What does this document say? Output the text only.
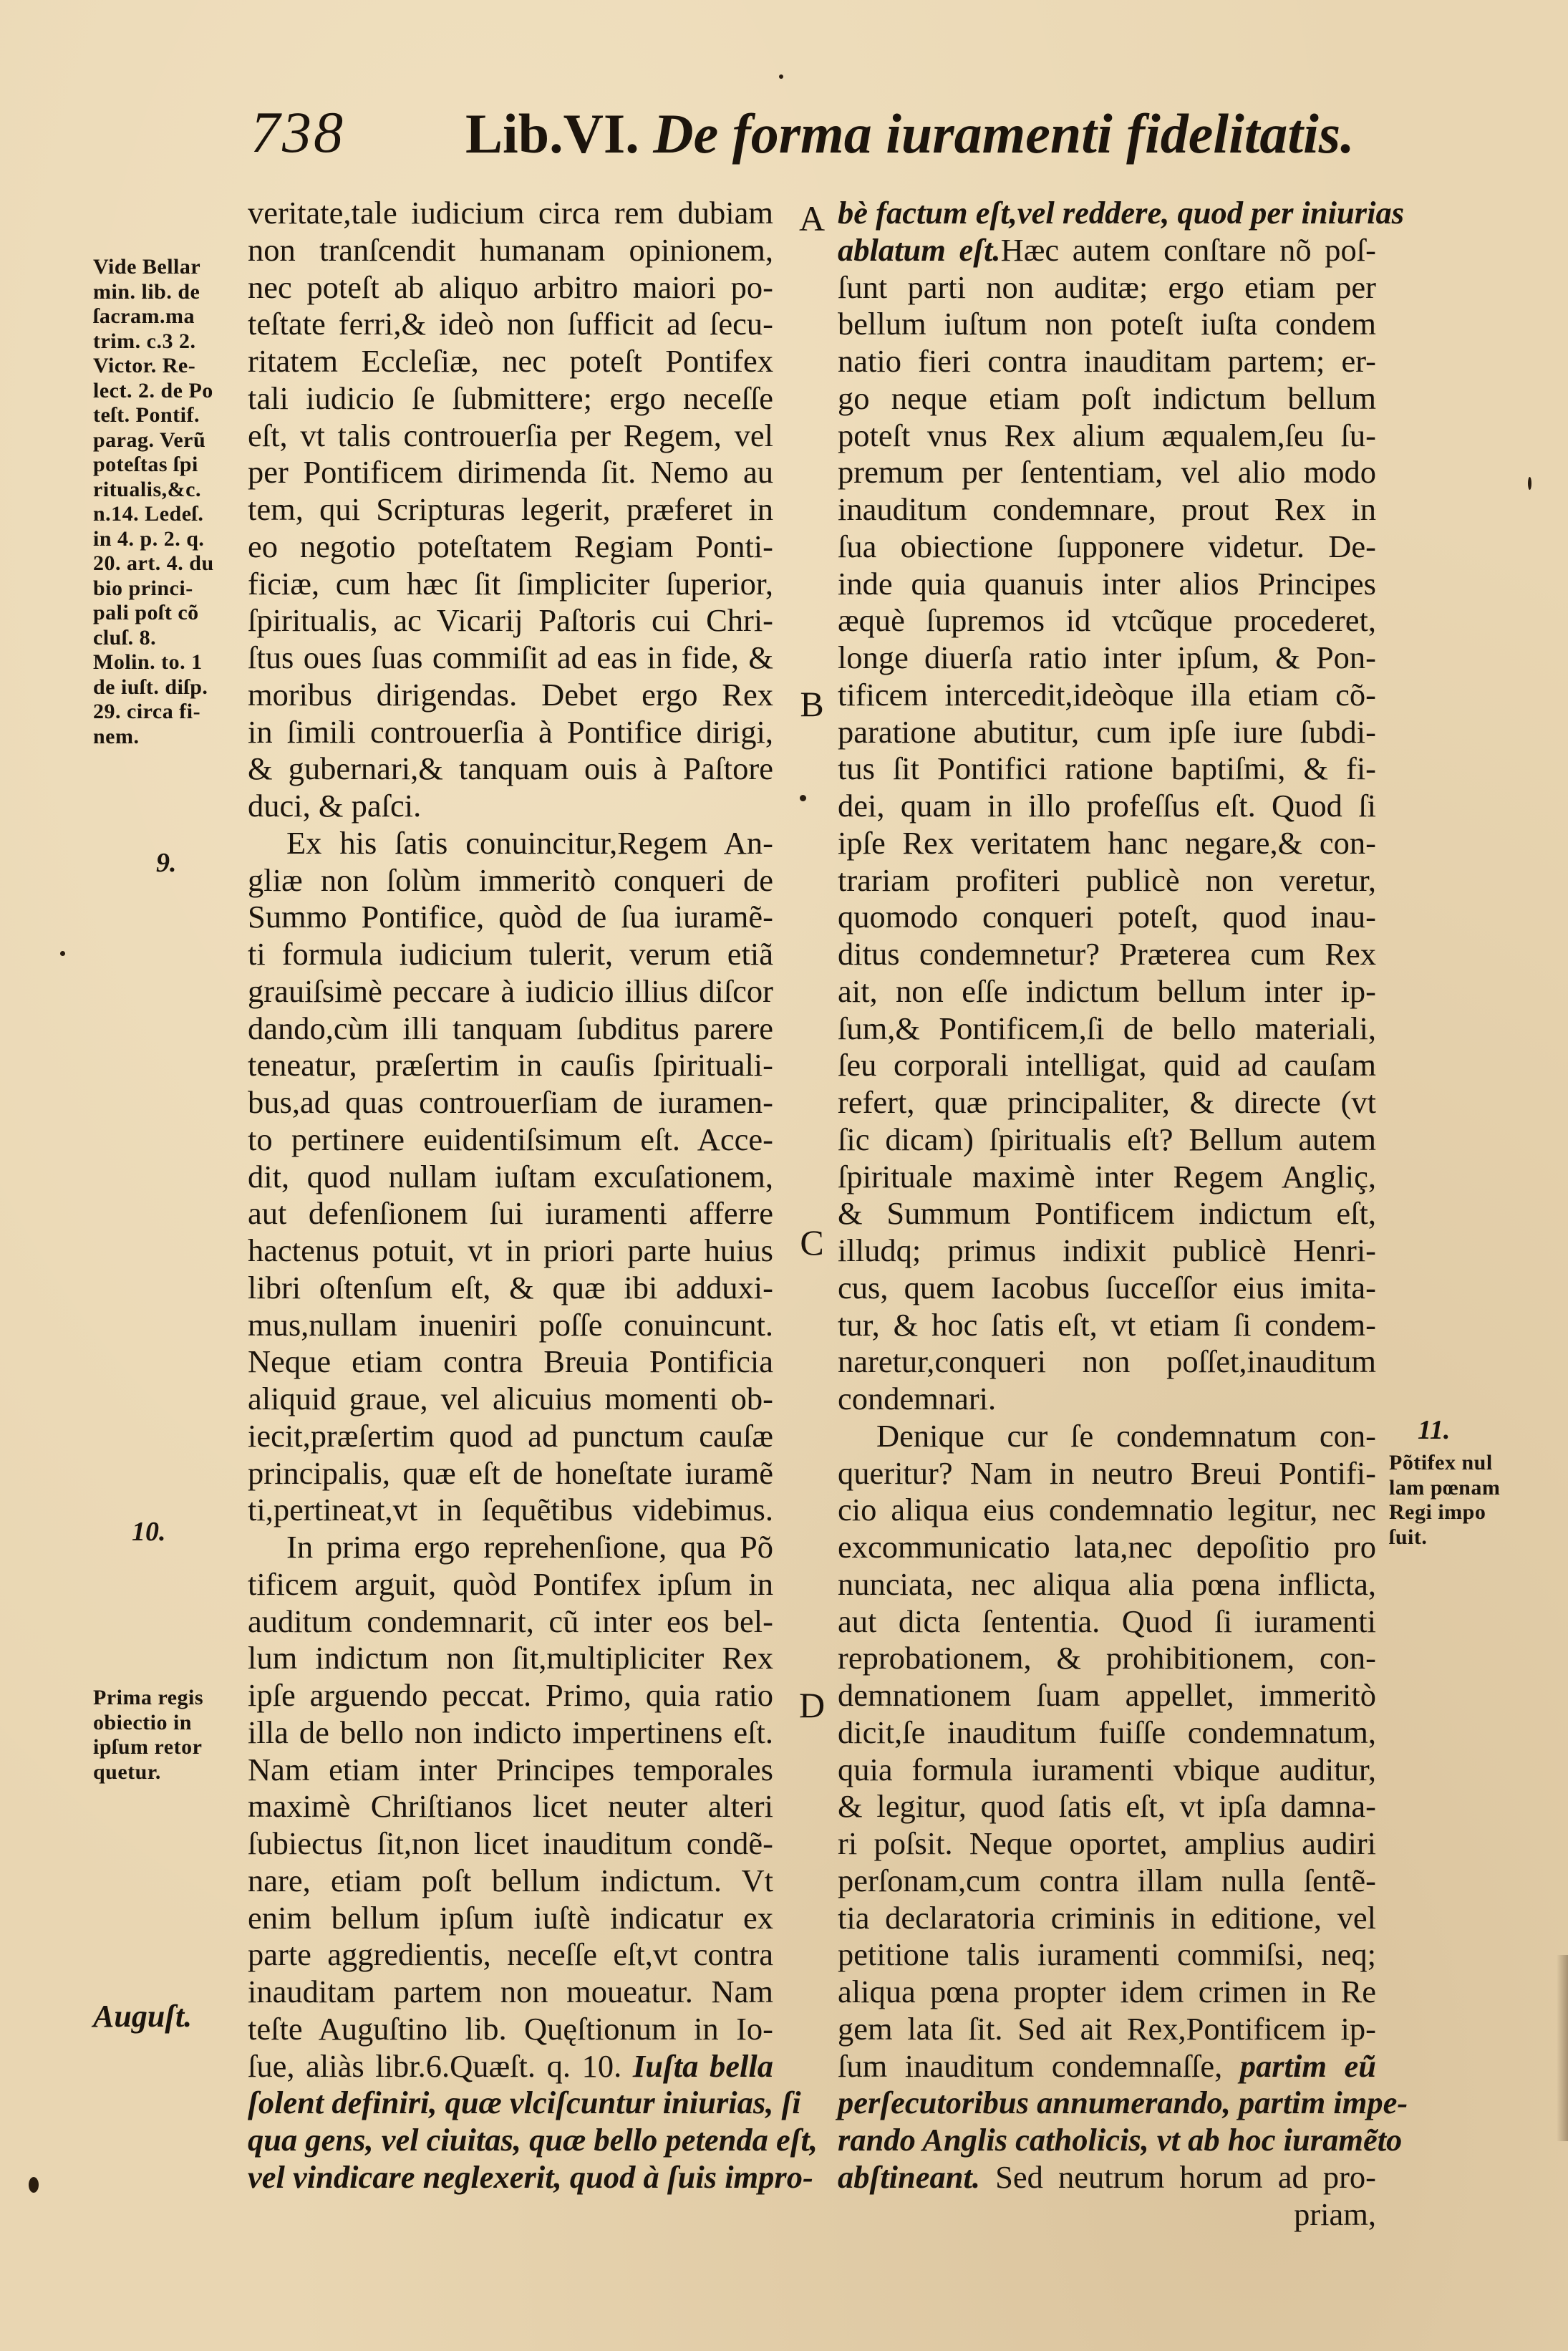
738 Lib.VI. De forma iuramenti fidelitatis.
Vide Bellar
min. lib. de
ſacram.ma
trim. c.3 2.
Victor. Re-
lect. 2. de Po
teſt. Pontif.
parag. Verũ
poteſtas ſpi
ritualis,&c.
n.14. Ledeſ.
in 4. p. 2. q.
20. art. 4. du
bio princi-
pali poſt cõ
cluſ. 8.
Molin. to. 1
de iuſt. diſp.
29. circa fi-
nem.
9.
10.
Prima regis
obiectio in
ipſum retor
quetur.
Auguſt.
A
B
C
D
11.
Põtifex nul
lam pœnam
Regi impo
ſuit.
veritate,tale iudicium circa rem dubiam
non tranſcendit humanam opinionem,
nec poteſt ab aliquo arbitro maiori po-
teſtate ferri,& ideò non ſufficit ad ſecu-
ritatem Eccleſiæ, nec poteſt Pontifex
tali iudicio ſe ſubmittere; ergo neceſſe
eſt, vt talis controuerſia per Regem, vel
per Pontificem dirimenda ſit. Nemo au
tem, qui Scripturas legerit, præferet in
eo negotio poteſtatem Regiam Ponti-
ficiæ, cum hæc ſit ſimpliciter ſuperior,
ſpiritualis, ac Vicarij Paſtoris cui Chri-
ſtus oues ſuas commiſit ad eas in fide, &
moribus dirigendas. Debet ergo Rex
in ſimili controuerſia à Pontifice dirigi,
& gubernari,& tanquam ouis à Paſtore
duci, & paſci.
Ex his ſatis conuincitur,Regem An-
gliæ non ſolùm immeritò conqueri de
Summo Pontifice, quòd de ſua iuramẽ-
ti formula iudicium tulerit, verum etiã
grauiſsimè peccare à iudicio illius diſcor
dando,cùm illi tanquam ſubditus parere
teneatur, præſertim in cauſis ſpirituali-
bus,ad quas controuerſiam de iuramen-
to pertinere euidentiſsimum eſt. Acce-
dit, quod nullam iuſtam excuſationem,
aut defenſionem ſui iuramenti afferre
hactenus potuit, vt in priori parte huius
libri oſtenſum eſt, & quæ ibi adduxi-
mus,nullam inueniri poſſe conuincunt.
Neque etiam contra Breuia Pontificia
aliquid graue, vel alicuius momenti ob-
iecit,præſertim quod ad punctum cauſæ
principalis, quæ eſt de honeſtate iuramẽ
ti,pertineat,vt in ſequẽtibus videbimus.
In prima ergo reprehenſione, qua Põ
tificem arguit, quòd Pontifex ipſum in
auditum condemnarit, cũ inter eos bel-
lum indictum non ſit,multipliciter Rex
ipſe arguendo peccat. Primo, quia ratio
illa de bello non indicto impertinens eſt.
Nam etiam inter Principes temporales
maximè Chriſtianos licet neuter alteri
ſubiectus ſit,non licet inauditum condẽ-
nare, etiam poſt bellum indictum. Vt
enim bellum ipſum iuſtè indicatur ex
parte aggredientis, neceſſe eſt,vt contra
inauditam partem non moueatur. Nam
teſte Auguſtino lib. Quęſtionum in Io-
ſue, aliàs libr.6.Quæſt. q. 10. Iuſta bella
ſolent definiri, quæ vlciſcuntur iniurias, ſi
qua gens, vel ciuitas, quæ bello petenda eſt,
vel vindicare neglexerit, quod à ſuis impro-
bè factum eſt,vel reddere, quod per iniurias
ablatum eſt.Hæc autem conſtare nõ poſ-
ſunt parti non auditæ; ergo etiam per
bellum iuſtum non poteſt iuſta condem
natio fieri contra inauditam partem; er-
go neque etiam poſt indictum bellum
poteſt vnus Rex alium æqualem,ſeu ſu-
premum per ſententiam, vel alio modo
inauditum condemnare, prout Rex in
ſua obiectione ſupponere videtur. De-
inde quia quanuis inter alios Principes
æquè ſupremos id vtcũque procederet,
longe diuerſa ratio inter ipſum, & Pon-
tificem intercedit,ideòque illa etiam cõ-
paratione abutitur, cum ipſe iure ſubdi-
tus ſit Pontifici ratione baptiſmi, & fi-
dei, quam in illo profeſſus eſt. Quod ſi
ipſe Rex veritatem hanc negare,& con-
trariam profiteri publicè non veretur,
quomodo conqueri poteſt, quod inau-
ditus condemnetur? Præterea cum Rex
ait, non eſſe indictum bellum inter ip-
ſum,& Pontificem,ſi de bello materiali,
ſeu corporali intelligat, quid ad cauſam
refert, quæ principaliter, & directe (vt
ſic dicam) ſpiritualis eſt? Bellum autem
ſpirituale maximè inter Regem Angliç,
& Summum Pontificem indictum eſt,
illudq; primus indixit publicè Henri-
cus, quem Iacobus ſucceſſor eius imita-
tur, & hoc ſatis eſt, vt etiam ſi condem-
naretur,conqueri non poſſet,inauditum
condemnari.
Denique cur ſe condemnatum con-
queritur? Nam in neutro Breui Pontifi-
cio aliqua eius condemnatio legitur, nec
excommunicatio lata,nec depoſitio pro
nunciata, nec aliqua alia pœna inflicta,
aut dicta ſententia. Quod ſi iuramenti
reprobationem, & prohibitionem, con-
demnationem ſuam appellet, immeritò
dicit,ſe inauditum fuiſſe condemnatum,
quia formula iuramenti vbique auditur,
& legitur, quod ſatis eſt, vt ipſa damna-
ri poſsit. Neque oportet, amplius audiri
perſonam,cum contra illam nulla ſentẽ-
tia declaratoria criminis in editione, vel
petitione talis iuramenti commiſsi, neq;
aliqua pœna propter idem crimen in Re
gem lata ſit. Sed ait Rex,Pontificem ip-
ſum inauditum condemnaſſe, partim eũ
perſecutoribus annumerando, partim impe-
rando Anglis catholicis, vt ab hoc iuramẽto
abſtineant. Sed neutrum horum ad pro-
priam,
